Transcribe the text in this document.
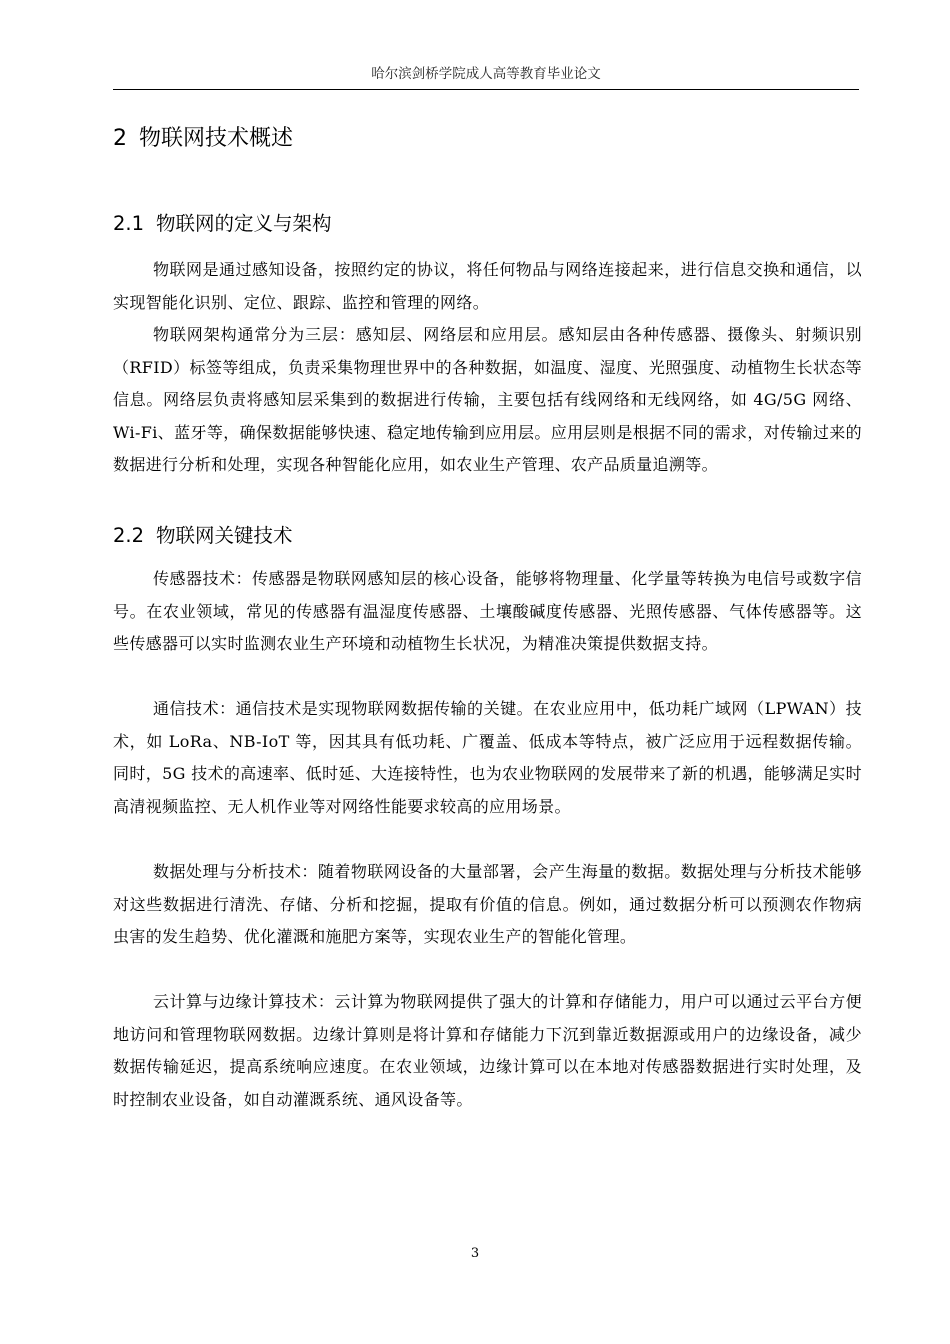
哈尔滨剑桥学院成人高等教育毕业论文
2 物联网技术概述
2.1 物联网的定义与架构

物联网是通过感知设备，按照约定的协议，将任何物品与网络连接起来，进行信息交换和通信，以实现智能化识别、定位、跟踪、监控和管理的网络。

物联网架构通常分为三层：感知层、网络层和应用层。感知层由各种传感器、摄像头、射频识别（RFID）标签等组成，负责采集物理世界中的各种数据，如温度、湿度、光照强度、动植物生长状态等信息。网络层负责将感知层采集到的数据进行传输，主要包括有线网络和无线网络，如 4G/5G 网络、Wi-Fi、蓝牙等，确保数据能够快速、稳定地传输到应用层。应用层则是根据不同的需求，对传输过来的数据进行分析和处理，实现各种智能化应用，如农业生产管理、农产品质量追溯等。

2.2 物联网关键技术

传感器技术：传感器是物联网感知层的核心设备，能够将物理量、化学量等转换为电信号或数字信号。在农业领域，常见的传感器有温湿度传感器、土壤酸碱度传感器、光照传感器、气体传感器等。这些传感器可以实时监测农业生产环境和动植物生长状况，为精准决策提供数据支持。

通信技术：通信技术是实现物联网数据传输的关键。在农业应用中，低功耗广域网（LPWAN）技术，如 LoRa、NB-IoT 等，因其具有低功耗、广覆盖、低成本等特点，被广泛应用于远程数据传输。同时，5G 技术的高速率、低时延、大连接特性，也为农业物联网的发展带来了新的机遇，能够满足实时高清视频监控、无人机作业等对网络性能要求较高的应用场景。

数据处理与分析技术：随着物联网设备的大量部署，会产生海量的数据。数据处理与分析技术能够对这些数据进行清洗、存储、分析和挖掘，提取有价值的信息。例如，通过数据分析可以预测农作物病虫害的发生趋势、优化灌溉和施肥方案等，实现农业生产的智能化管理。

云计算与边缘计算技术：云计算为物联网提供了强大的计算和存储能力，用户可以通过云平台方便地访问和管理物联网数据。边缘计算则是将计算和存储能力下沉到靠近数据源或用户的边缘设备，减少数据传输延迟，提高系统响应速度。在农业领域，边缘计算可以在本地对传感器数据进行实时处理，及时控制农业设备，如自动灌溉系统、通风设备等。

3
